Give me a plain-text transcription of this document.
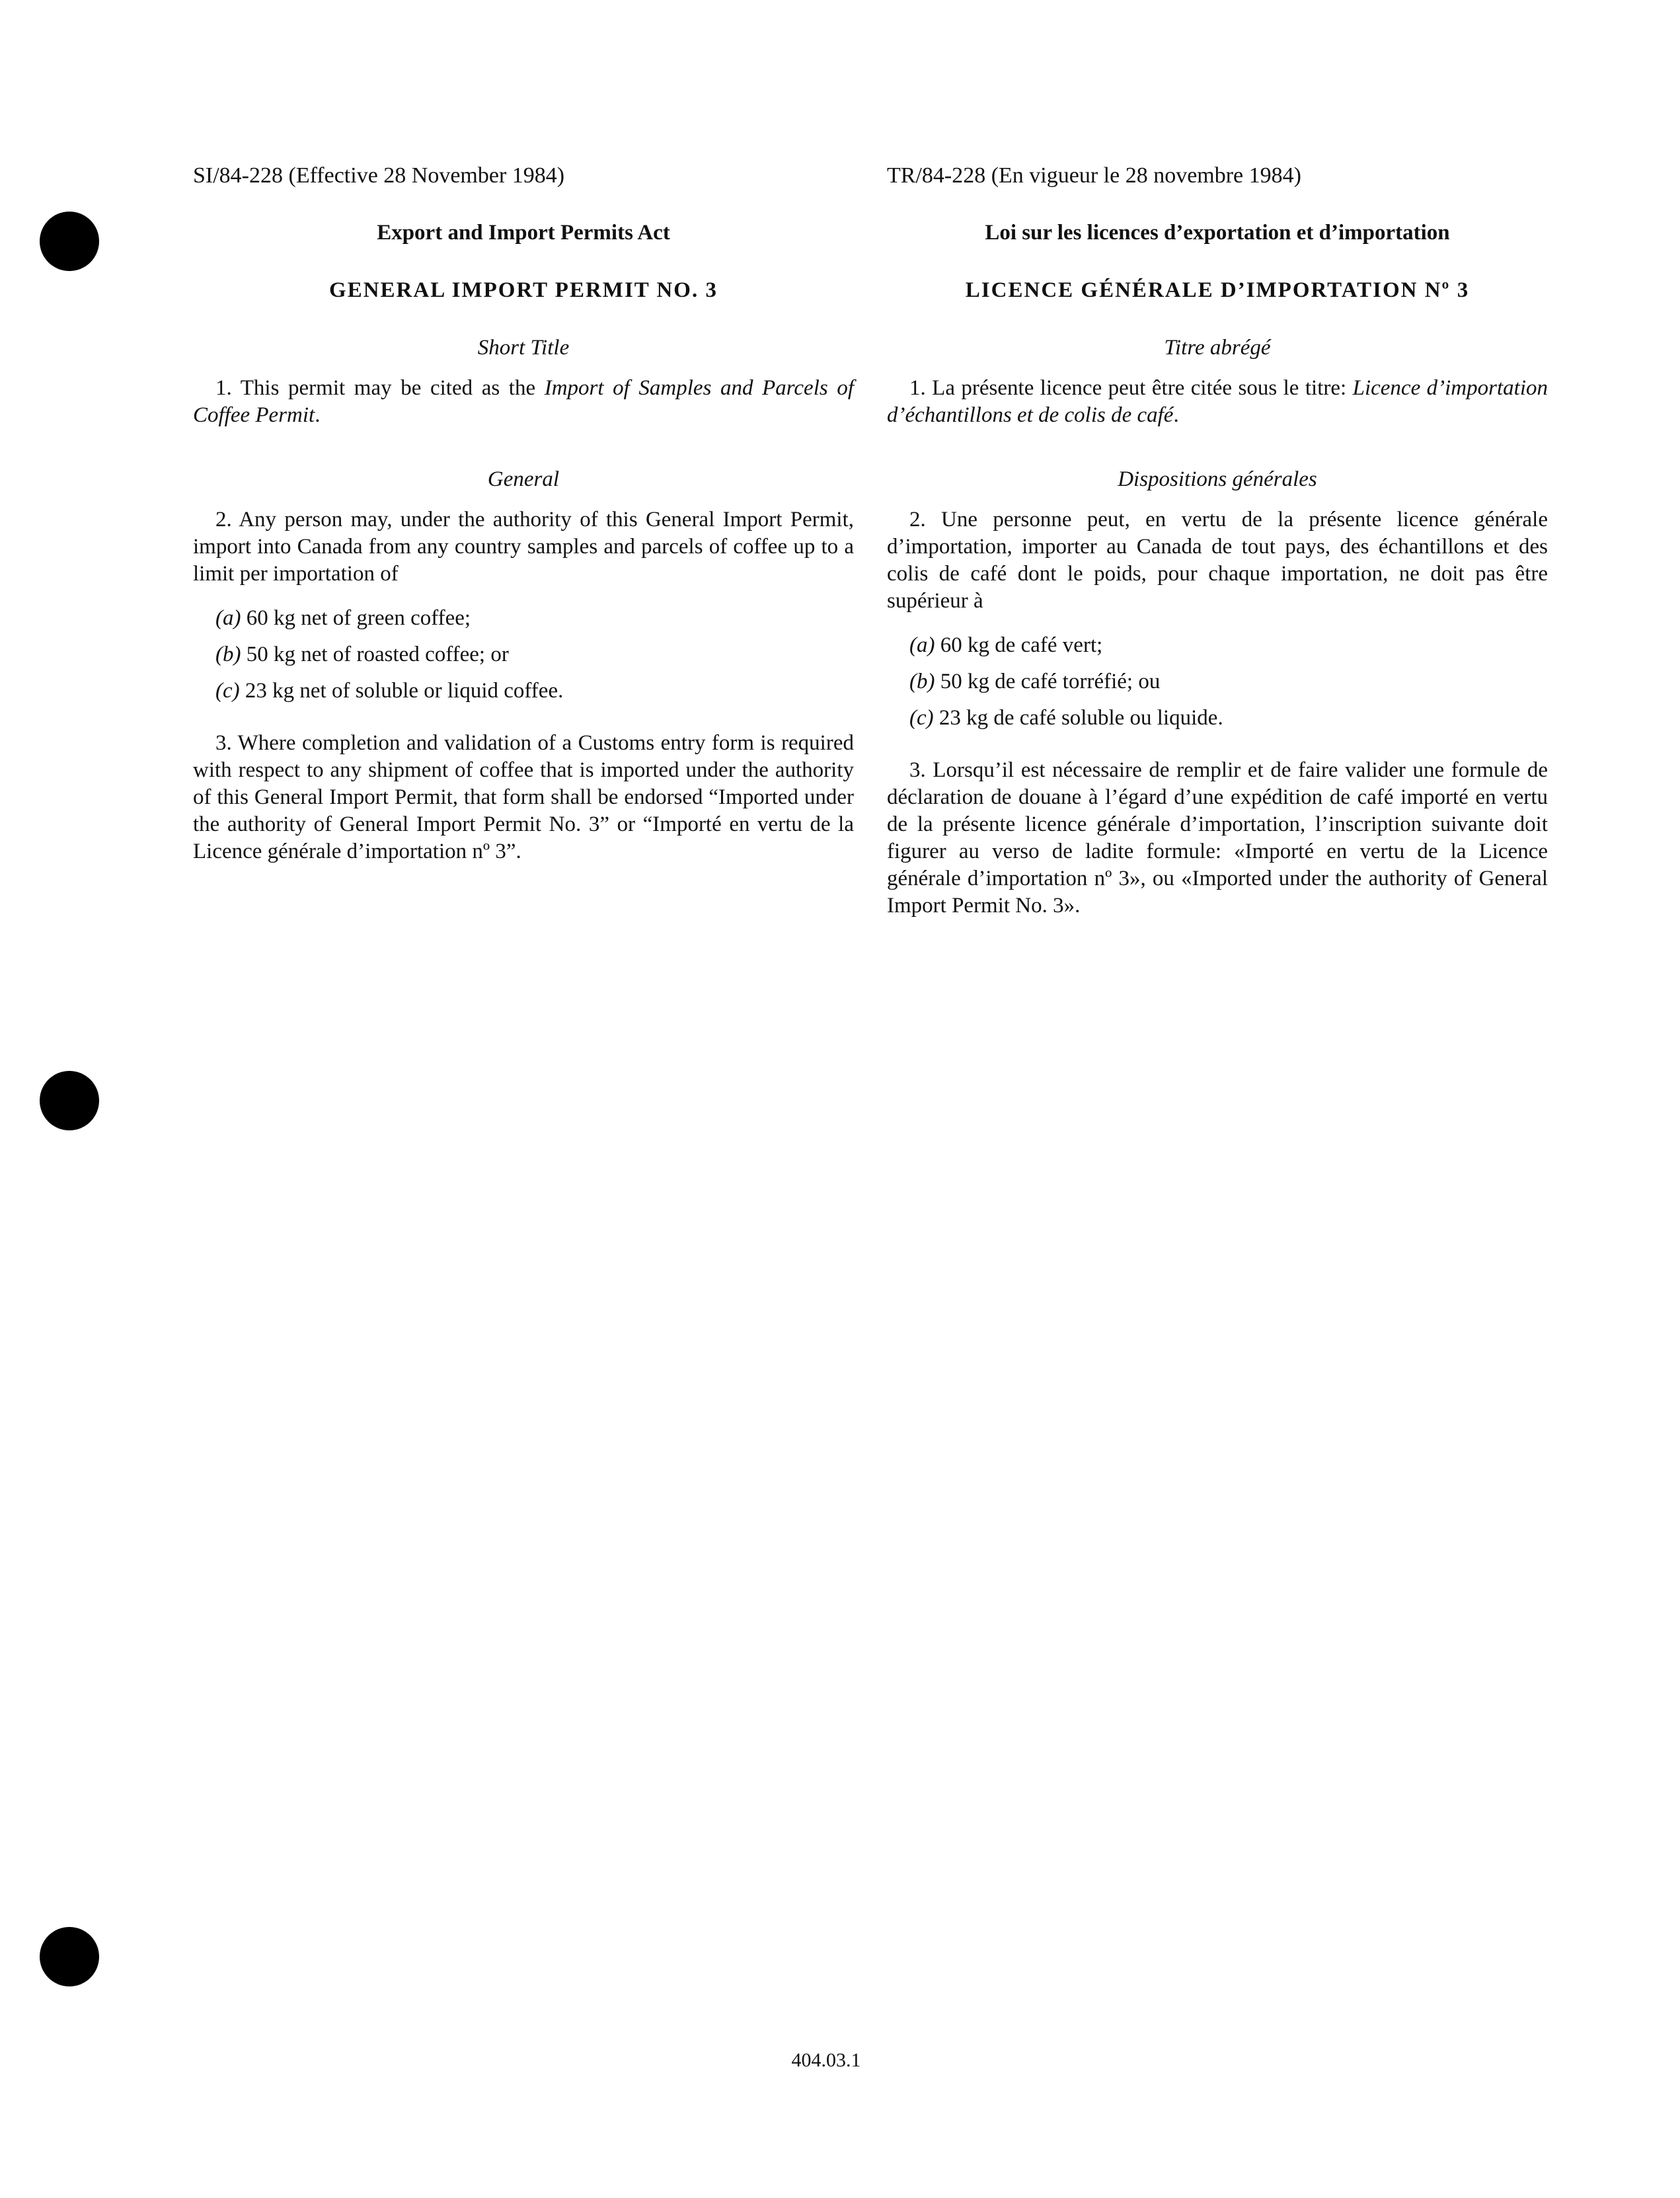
SI/84-228 (Effective 28 November 1984)
Export and Import Permits Act
GENERAL IMPORT PERMIT NO. 3
Short Title

1. This permit may be cited as the Import of Samples and Parcels of Coffee Permit.

General

2. Any person may, under the authority of this General Import Permit, import into Canada from any country samples and parcels of coffee up to a limit per importation of

(a) 60 kg net of green coffee;
(b) 50 kg net of roasted coffee; or
(c) 23 kg net of soluble or liquid coffee.

3. Where completion and validation of a Customs entry form is required with respect to any shipment of coffee that is imported under the authority of this General Import Permit, that form shall be endorsed “Imported under the authority of General Import Permit No. 3” or “Importé en vertu de la Licence générale d’importation nº 3”.

TR/84-228 (En vigueur le 28 novembre 1984)
Loi sur les licences d’exportation et d’importation
LICENCE GÉNÉRALE D’IMPORTATION Nº 3
Titre abrégé

1. La présente licence peut être citée sous le titre: Licence d’importation d’échantillons et de colis de café.

Dispositions générales

2. Une personne peut, en vertu de la présente licence générale d’importation, importer au Canada de tout pays, des échantillons et des colis de café dont le poids, pour chaque importation, ne doit pas être supérieur à

(a) 60 kg de café vert;
(b) 50 kg de café torréfié; ou
(c) 23 kg de café soluble ou liquide.

3. Lorsqu’il est nécessaire de remplir et de faire valider une formule de déclaration de douane à l’égard d’une expédition de café importé en vertu de la présente licence générale d’importation, l’inscription suivante doit figurer au verso de ladite formule: «Importé en vertu de la Licence générale d’importation nº 3», ou «Imported under the authority of General Import Permit No. 3».

404.03.1
